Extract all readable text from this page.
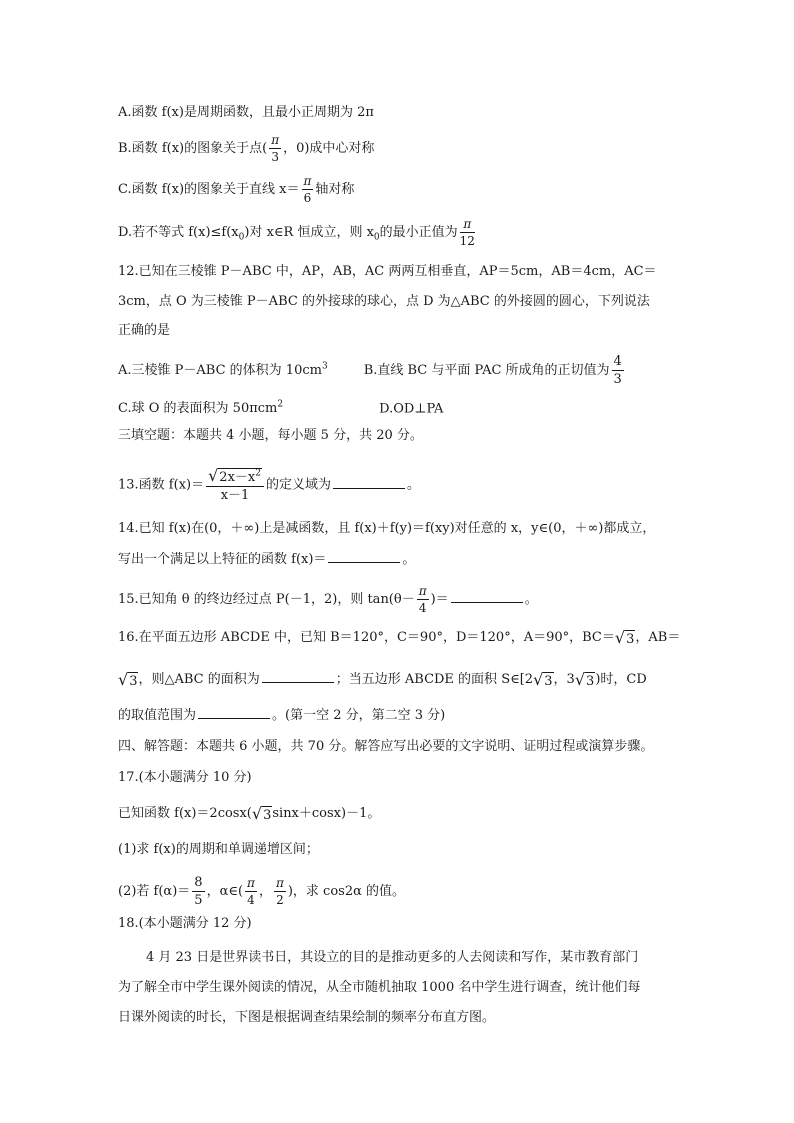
A.函数 f(x)是周期函数，且最小正周期为 2π
B.函数 f(x)的图象关于点( $\frac{\pi}{3}$ ，0)成中心对称
C.函数 f(x)的图象关于直线 $x= \frac{\pi}{6}$ 轴对称
D.若不等式 $f(x)\le f(x_0)$对 x∈R 恒成立，则 $x_0$的最小正值为 $\frac{\pi}{12}$
12.已知在三棱锥 P－ABC 中，AP，AB，AC 两两互相垂直，AP＝5cm，AB＝4cm，AC＝
3cm，点 O 为三棱锥 P－ABC 的外接球的球心，点 D 为△ABC 的外接圆的圆心，下列说法
正确的是
A.三棱锥 P－ABC 的体积为 $10cm^3$	B.直线 BC 与平面 PAC 所成角的正切值为 $\frac{4}{3}$
C.球 O 的表面积为 50πcm$^2$	D.OD⊥PA
三填空题：本题共 4 小题，每小题 5 分，共 20 分。
13.函数 $f(x)= \frac{√2x-x^2}{x-1}$ 的定义域为	。
14.已知 f(x)在(0，＋∞)上是减函数，且 f(x)＋f(y)＝f(xy)对任意的 x，y∈(0，＋∞)都成立，
写出一个满足以上特征的函数 f(x)＝	。
15.已知角 θ 的终边经过点 P(－1，2)，则 $\tan(\theta- \frac{\pi}{4}$ )＝	。
16.在平面五边形 ABCDE 中，已知 B＝120°，C＝90°，D＝120°，A＝90°，BC＝√3，AB＝
√3，则△ABC 的面积为	；当五边形 ABCDE 的面积 S∈[2√3，3√3)时，CD
的取值范围为	。(第一空 2 分，第二空 3 分)
四、解答题：本题共 6 小题，共 70 分。解答应写出必要的文字说明、证明过程或演算步骤。
17.(本小题满分 10 分)
已知函数 f(x)＝2cosx(√3sinx＋cosx)－1。
(1)求 f(x)的周期和单调递增区间；
(2)若 $f(\alpha)= \frac{8}{5}$ ，α∈( $\frac{\pi}{4}$ ， $\frac{\pi}{2}$ )，求 cos2α 的值。
18.(本小题满分 12 分)
4 月 23 日是世界读书日，其设立的目的是推动更多的人去阅读和写作，某市教育部门
为了解全市中学生课外阅读的情况，从全市随机抽取 1000 名中学生进行调查，统计他们每
日课外阅读的时长，下图是根据调查结果绘制的频率分布直方图。
